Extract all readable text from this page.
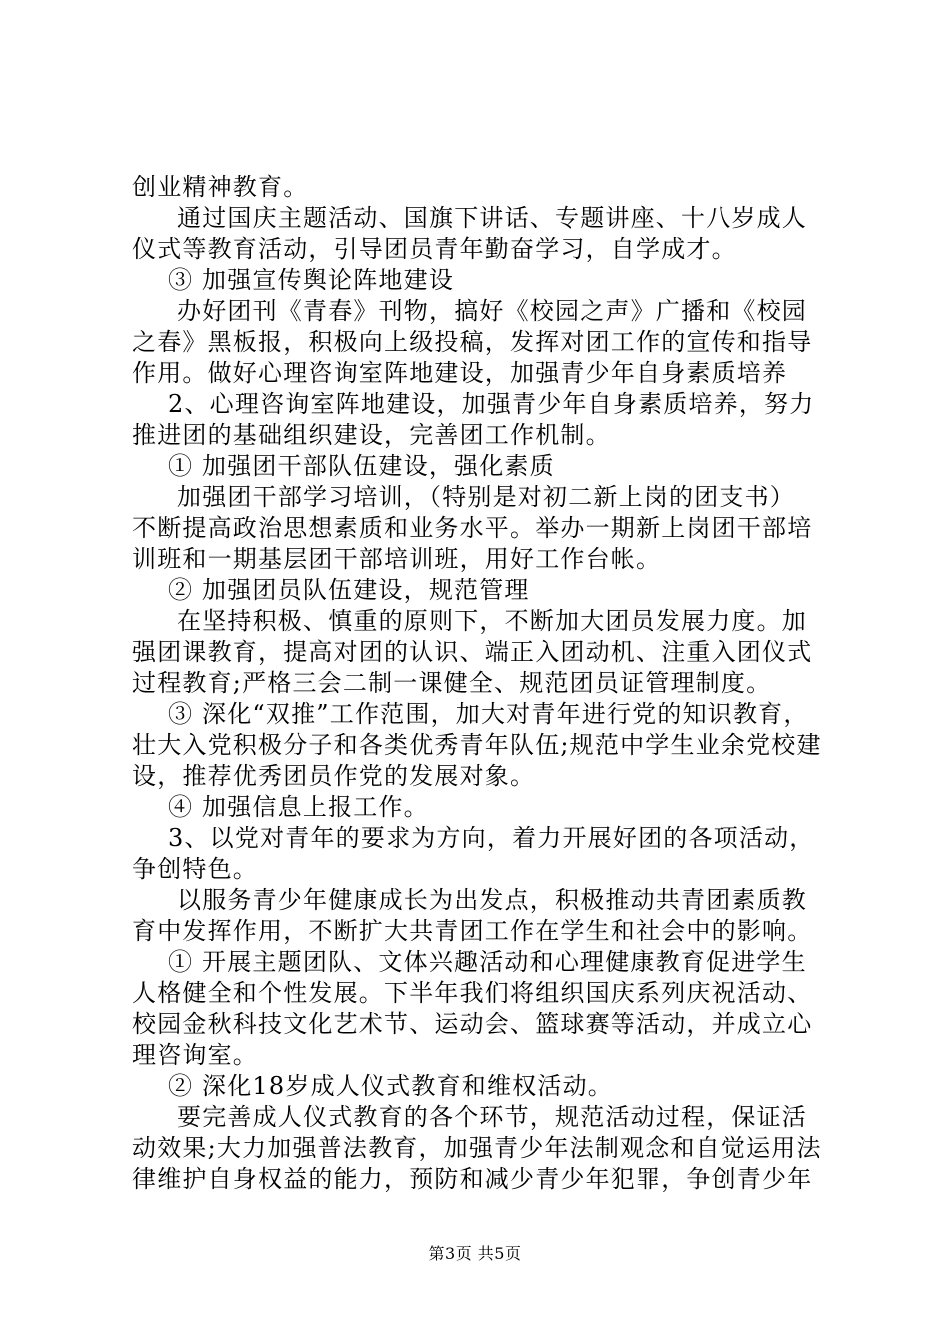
创业精神教育。
通过国庆主题活动、国旗下讲话、专题讲座、十八岁成人
仪式等教育活动，引导团员青年勤奋学习，自学成才。
③ 加强宣传舆论阵地建设
办好团刊《青春》刊物，搞好《校园之声》广播和《校园
之春》黑板报，积极向上级投稿，发挥对团工作的宣传和指导
作用。做好心理咨询室阵地建设，加强青少年自身素质培养
2、心理咨询室阵地建设，加强青少年自身素质培养，努力
推进团的基础组织建设，完善团工作机制。
① 加强团干部队伍建设，强化素质
加强团干部学习培训，（特别是对初二新上岗的团支书）
不断提高政治思想素质和业务水平。举办一期新上岗团干部培
训班和一期基层团干部培训班，用好工作台帐。
② 加强团员队伍建设，规范管理
在坚持积极、慎重的原则下，不断加大团员发展力度。加
强团课教育，提高对团的认识、端正入团动机、注重入团仪式
过程教育;严格三会二制一课健全、规范团员证管理制度。
③ 深化“双推”工作范围，加大对青年进行党的知识教育，
壮大入党积极分子和各类优秀青年队伍;规范中学生业余党校建
设，推荐优秀团员作党的发展对象。
④ 加强信息上报工作。
3、以党对青年的要求为方向，着力开展好团的各项活动，
争创特色。
以服务青少年健康成长为出发点，积极推动共青团素质教
育中发挥作用，不断扩大共青团工作在学生和社会中的影响。
① 开展主题团队、文体兴趣活动和心理健康教育促进学生
人格健全和个性发展。下半年我们将组织国庆系列庆祝活动、
校园金秋科技文化艺术节、运动会、篮球赛等活动，并成立心
理咨询室。
② 深化18岁成人仪式教育和维权活动。
要完善成人仪式教育的各个环节，规范活动过程，保证活
动效果;大力加强普法教育，加强青少年法制观念和自觉运用法
律维护自身权益的能力，预防和减少青少年犯罪，争创青少年
第3页 共5页
